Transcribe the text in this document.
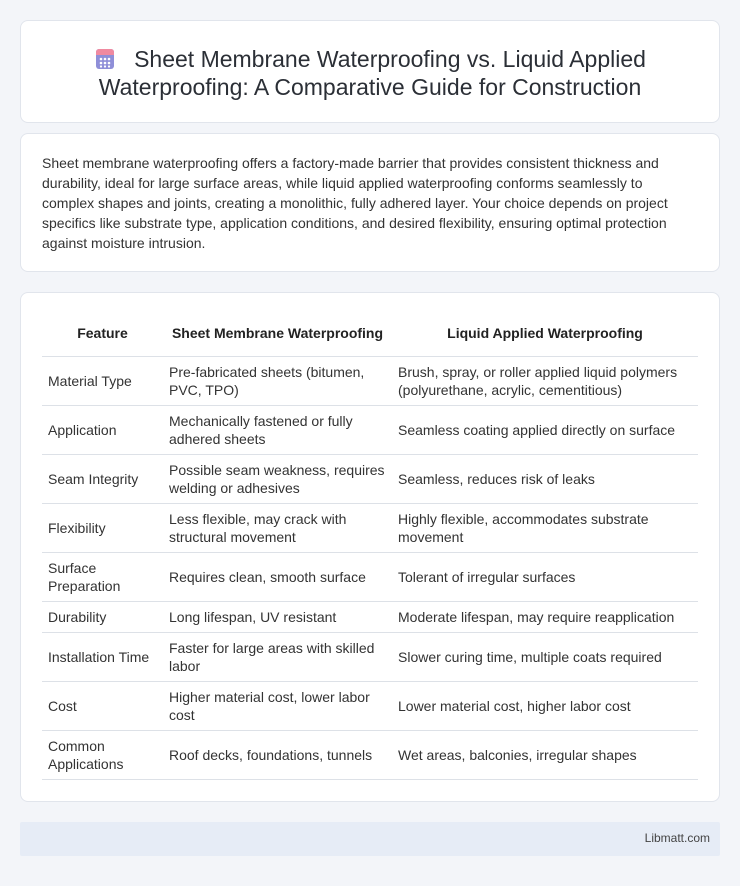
Sheet Membrane Waterproofing vs. Liquid Applied
Waterproofing: A Comparative Guide for Construction

Sheet membrane waterproofing offers a factory-made barrier that provides consistent thickness and durability, ideal for large surface areas, while liquid applied waterproofing conforms seamlessly to complex shapes and joints, creating a monolithic, fully adhered layer. Your choice depends on project specifics like substrate type, application conditions, and desired flexibility, ensuring optimal protection against moisture intrusion.

Feature	Sheet Membrane Waterproofing	Liquid Applied Waterproofing
Material Type	Pre-fabricated sheets (bitumen, PVC, TPO)	Brush, spray, or roller applied liquid polymers (polyurethane, acrylic, cementitious)
Application	Mechanically fastened or fully adhered sheets	Seamless coating applied directly on surface
Seam Integrity	Possible seam weakness, requires welding or adhesives	Seamless, reduces risk of leaks
Flexibility	Less flexible, may crack with structural movement	Highly flexible, accommodates substrate movement
Surface Preparation	Requires clean, smooth surface	Tolerant of irregular surfaces
Durability	Long lifespan, UV resistant	Moderate lifespan, may require reapplication
Installation Time	Faster for large areas with skilled labor	Slower curing time, multiple coats required
Cost	Higher material cost, lower labor cost	Lower material cost, higher labor cost
Common Applications	Roof decks, foundations, tunnels	Wet areas, balconies, irregular shapes
Libmatt.com
